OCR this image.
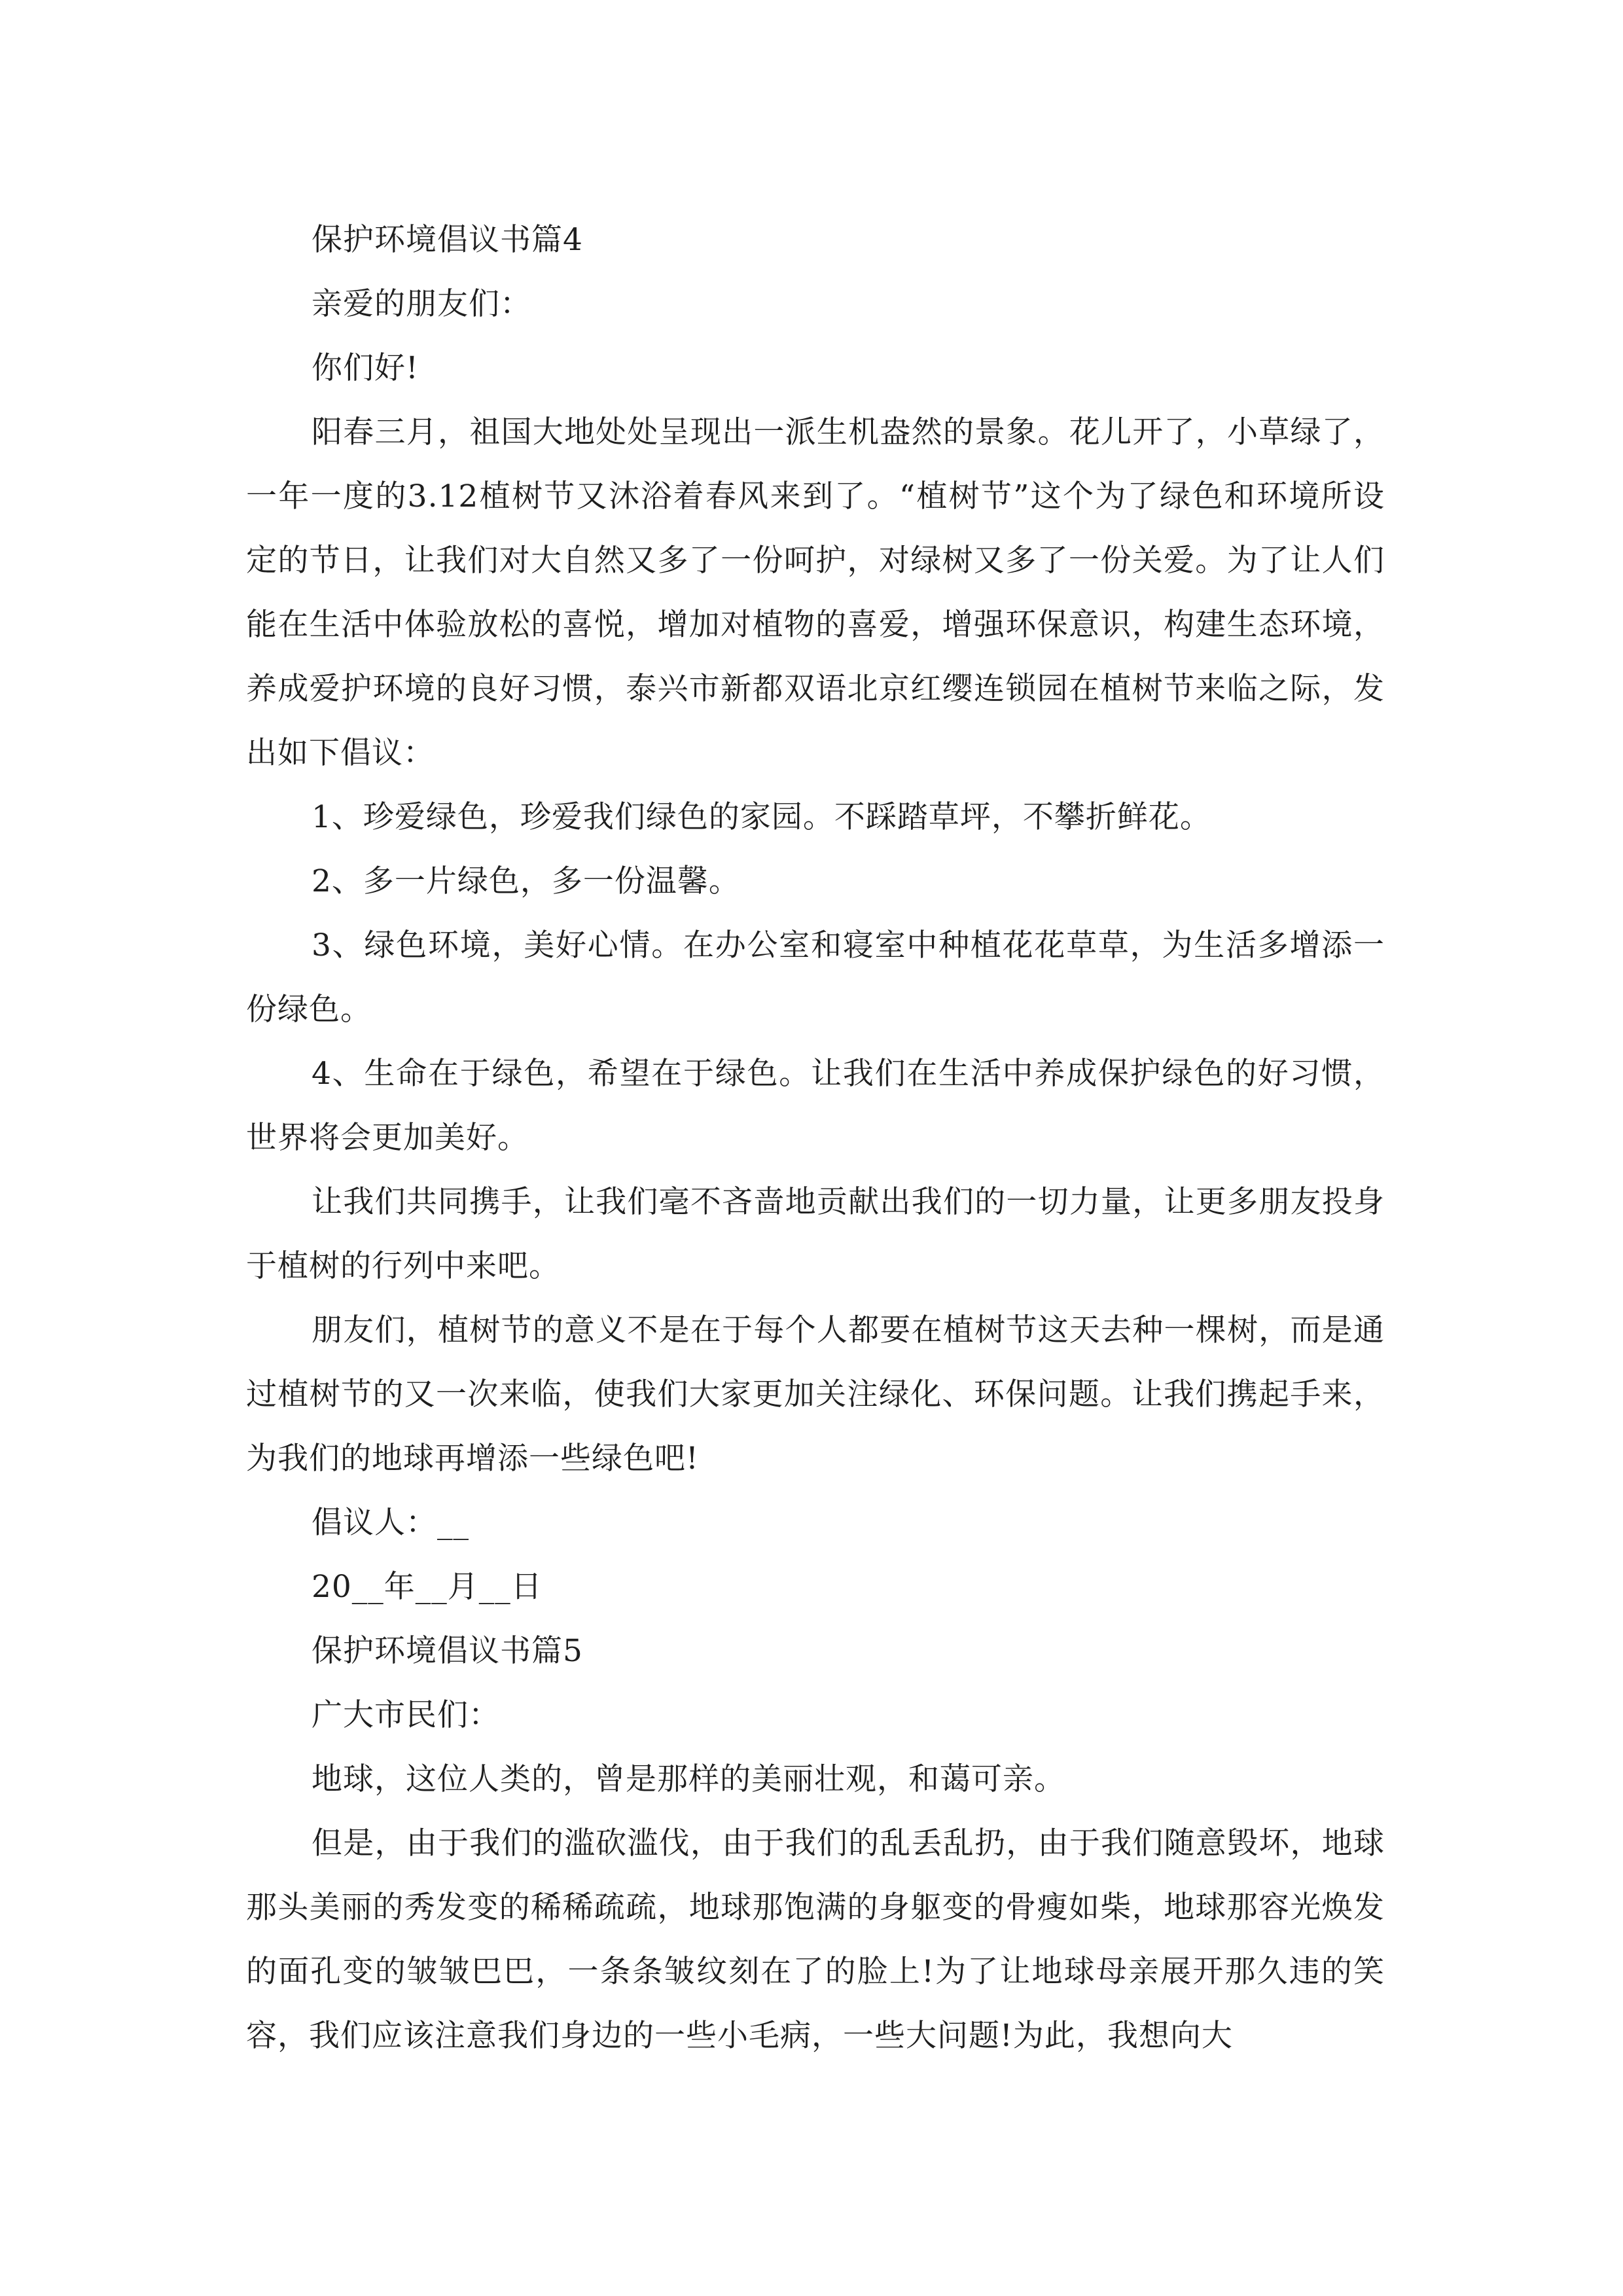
保护环境倡议书篇4

亲爱的朋友们：

你们好!

阳春三月，祖国大地处处呈现出一派生机盎然的景象。花儿开了，小草绿了，一年一度的3.12植树节又沐浴着春风来到了。“植树节”这个为了绿色和环境所设定的节日，让我们对大自然又多了一份呵护，对绿树又多了一份关爱。为了让人们能在生活中体验放松的喜悦，增加对植物的喜爱，增强环保意识，构建生态环境，养成爱护环境的良好习惯，泰兴市新都双语北京红缨连锁园在植树节来临之际，发出如下倡议：

1、珍爱绿色，珍爱我们绿色的家园。不踩踏草坪，不攀折鲜花。

2、多一片绿色，多一份温馨。

3、绿色环境，美好心情。在办公室和寝室中种植花花草草，为生活多增添一份绿色。

4、生命在于绿色，希望在于绿色。让我们在生活中养成保护绿色的好习惯，世界将会更加美好。

让我们共同携手，让我们毫不吝啬地贡献出我们的一切力量，让更多朋友投身于植树的行列中来吧。

朋友们，植树节的意义不是在于每个人都要在植树节这天去种一棵树，而是通过植树节的又一次来临，使我们大家更加关注绿化、环保问题。让我们携起手来，为我们的地球再增添一些绿色吧!

倡议人：__

20__年__月__日

保护环境倡议书篇5

广大市民们：

地球，这位人类的，曾是那样的美丽壮观，和蔼可亲。

但是，由于我们的滥砍滥伐，由于我们的乱丢乱扔，由于我们随意毁坏，地球那头美丽的秀发变的稀稀疏疏，地球那饱满的身躯变的骨瘦如柴，地球那容光焕发的面孔变的皱皱巴巴，一条条皱纹刻在了的脸上!为了让地球母亲展开那久违的笑容，我们应该注意我们身边的一些小毛病，一些大问题!为此，我想向大
